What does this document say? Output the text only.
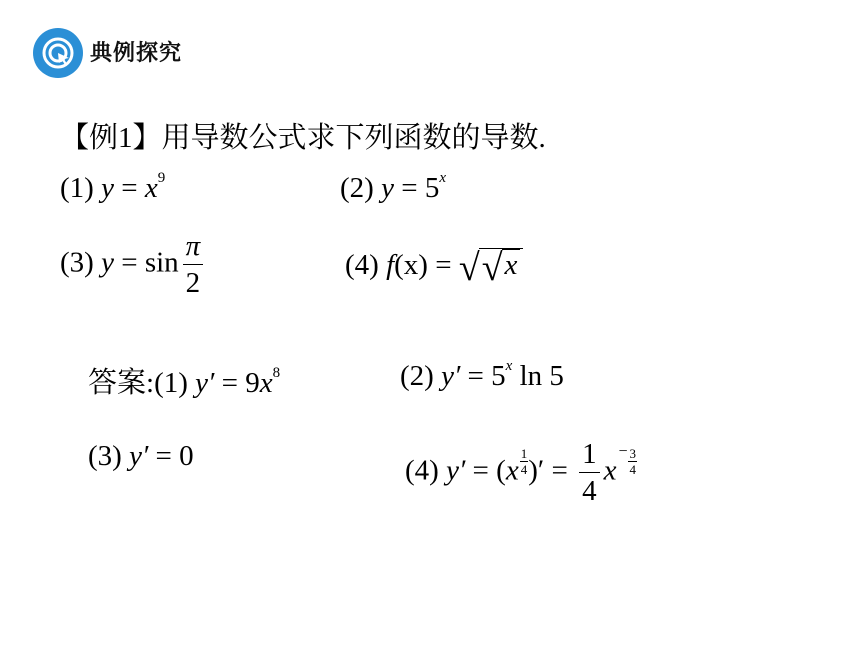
典例探究
【例1】用导数公式求下列函数的导数.
(1) $y = x^9$	(2) $y = 5^x$
(3) $y = \sin \frac{\pi}{2}$	(4) f(x) = √√x
答案:(1) $y' = 9x^8$	(2) $y' = 5^x$ ln 5
(3) y′ = 0	(4) $y' = (x \frac{1}{4}$ )′ = $\frac{1}{4} x^- \frac{3}{4}$
